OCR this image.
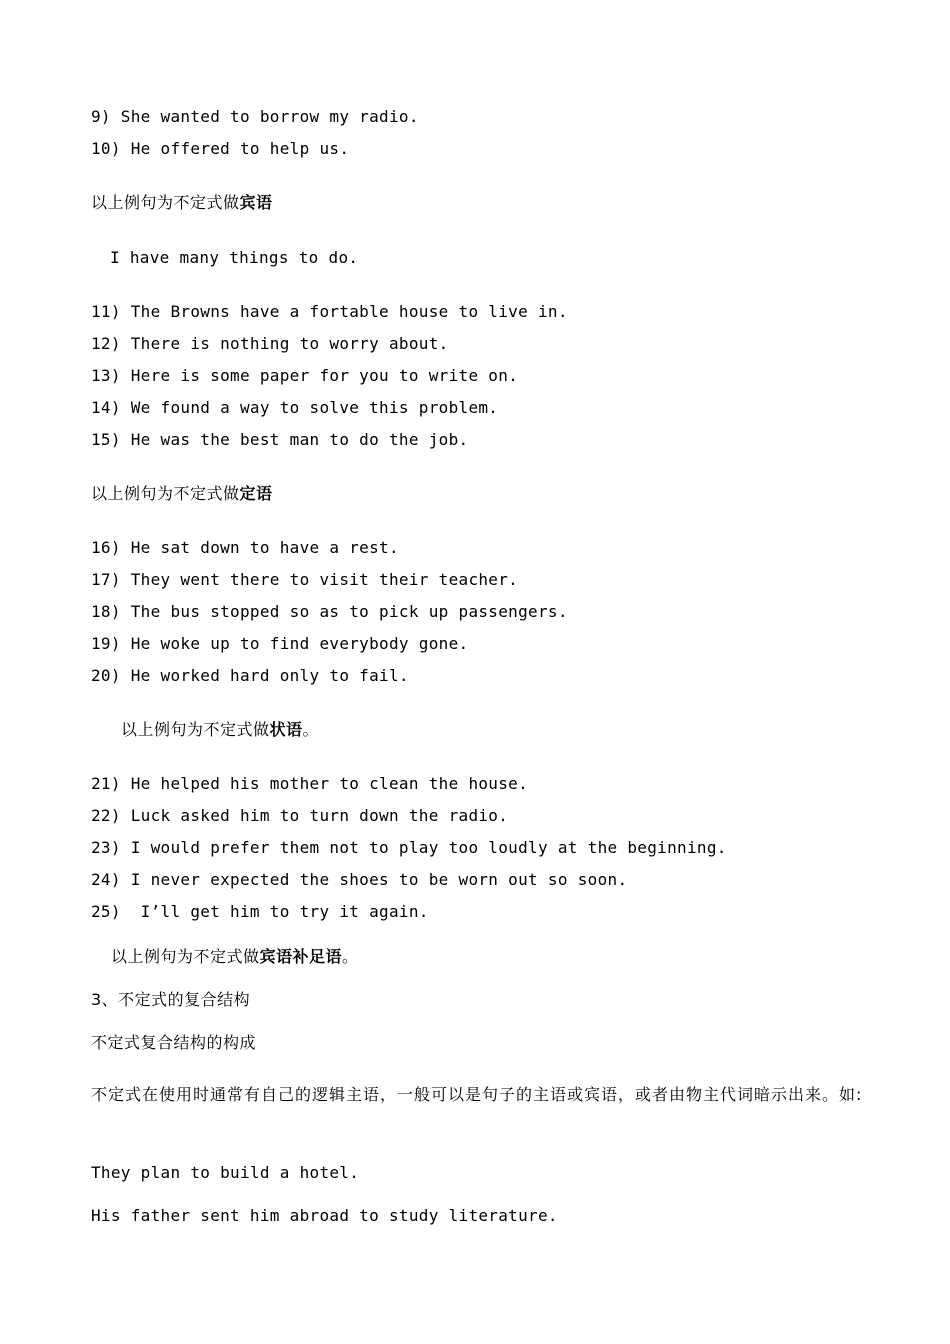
9) She wanted to borrow my radio.
10) He offered to help us.
以上例句为不定式做宾语
I have many things to do.
11) The Browns have a fortable house to live in.
12) There is nothing to worry about.
13) Here is some paper for you to write on.
14) We found a way to solve this problem.
15) He was the best man to do the job.
以上例句为不定式做定语
16) He sat down to have a rest.
17) They went there to visit their teacher.
18) The bus stopped so as to pick up passengers.
19) He woke up to find everybody gone.
20) He worked hard only to fail.
以上例句为不定式做状语。
21) He helped his mother to clean the house.
22) Luck asked him to turn down the radio.
23) I would prefer them not to play too loudly at the beginning.
24) I never expected the shoes to be worn out so soon.
25)  I’ll get him to try it again.
以上例句为不定式做宾语补足语。
3、不定式的复合结构
不定式复合结构的构成
不定式在使用时通常有自己的逻辑主语，一般可以是句子的主语或宾语，或者由物主代词暗示出来。如:
They plan to build a hotel.
His father sent him abroad to study literature.
